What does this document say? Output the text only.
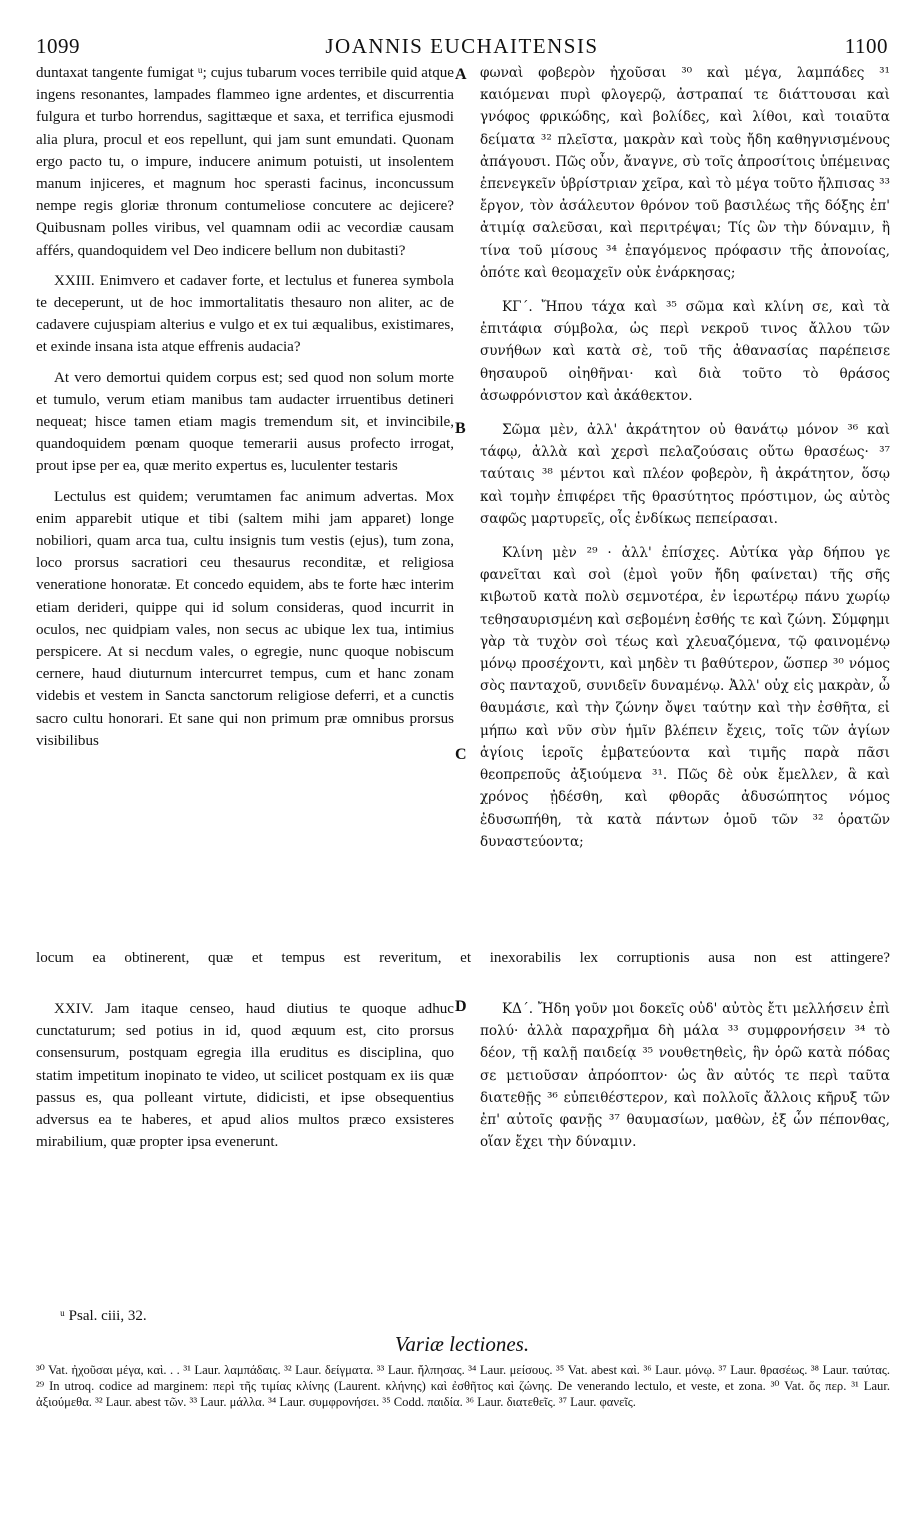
1099	JOANNIS EUCHAITENSIS	1100

duntaxat tangente fumigat ᵘ; cujus tubarum voces terribile quid atque ingens resonantes, lampades flammeo igne ardentes, et discurrentia fulgura et turbo horrendus, sagittæque et saxa, et terrifica ejusmodi alia plura, procul et eos repellunt, qui jam sunt emundati. Quonam ergo pacto tu, o impure, inducere animum potuisti, ut insolentem manum injiceres, et magnum hoc sperasti facinus, inconcussum nempe regis gloriæ thronum contumeliose concutere ac dejicere? Quibusnam polles viribus, vel quamnam odii ac vecordiæ causam afférs, quandoquidem vel Deo indicere bellum non dubitasti?

XXIII. Enimvero et cadaver forte, et lectulus et funerea symbola te deceperunt, ut de hoc immortalitatis thesauro non aliter, ac de cadavere cujuspiam alterius e vulgo et ex tui æqualibus, existimares, et exinde insana ista atque effrenis audacia?

At vero demortui quidem corpus est; sed quod non solum morte et tumulo, verum etiam manibus tam audacter irruentibus detineri nequeat; hisce tamen etiam magis tremendum sit, et invincibile, quandoquidem pœnam quoque temerarii ausus profecto irrogat, prout ipse per ea, quæ merito expertus es, luculenter testaris

Lectulus est quidem; verumtamen fac animum advertas. Mox enim apparebit utique et tibi (saltem mihi jam apparet) longe nobiliori, quam arca tua, cultu insignis tum vestis (ejus), tum zona, loco prorsus sacratiori ceu thesaurus reconditæ, et religiosa veneratione honoratæ. Et concedo equidem, abs te forte hæc interim etiam derideri, quippe qui id solum consideras, quod incurrit in oculos, nec quidpiam vales, non secus ac ubique lex tua, intimius perspicere. At si necdum vales, o egregie, nunc quoque nobiscum cernere, haud diuturnum intercurret tempus, cum et hanc zonam videbis et vestem in Sancta sanctorum religiose deferri, et a cunctis sacro cultu honorari. Et sane qui non primum præ omnibus prorsus visibilibus

φωναὶ φοβερὸν ἠχοῦσαι ³⁰ καὶ μέγα, λαμπάδες ³¹ καιόμεναι πυρὶ φλογερῷ, ἀστραπαί τε διάττουσαι καὶ γνόφος φρικώδης, καὶ βολίδες, καὶ λίθοι, καὶ τοιαῦτα δείματα ³² πλεῖστα, μακρὰν καὶ τοὺς ἤδη καθηγνισμένους ἀπάγουσι. Πῶς οὖν, ἄναγνε, σὺ τοῖς ἀπροσίτοις ὑπέμεινας ἐπενεγκεῖν ὑβρίστριαν χεῖρα, καὶ τὸ μέγα τοῦτο ἤλπισας ³³ ἔργον, τὸν ἀσάλευτον θρόνον τοῦ βασιλέως τῆς δόξης ἐπ' ἀτιμίᾳ σαλεῦσαι, καὶ περιτρέψαι; Τίς ὢν τὴν δύναμιν, ἢ τίνα τοῦ μίσους ³⁴ ἐπαγόμενος πρόφασιν τῆς ἀπονοίας, ὁπότε καὶ θεομαχεῖν οὐκ ἐνάρκησας;

ΚΓ΄. Ἤπου τάχα καὶ ³⁵ σῶμα καὶ κλίνη σε, καὶ τὰ ἐπιτάφια σύμβολα, ὡς περὶ νεκροῦ τινος ἄλλου τῶν συνήθων καὶ κατὰ σὲ, τοῦ τῆς ἀθανασίας παρέπεισε θησαυροῦ οἰηθῆναι· καὶ διὰ τοῦτο τὸ θράσος ἀσωφρόνιστον καὶ ἀκάθεκτον.

Σῶμα μὲν, ἀλλ' ἀκράτητον οὐ θανάτῳ μόνον ³⁶ καὶ τάφῳ, ἀλλὰ καὶ χερσὶ πελαζούσαις οὕτω θρασέως· ³⁷ ταύταις ³⁸ μέντοι καὶ πλέον φοβερὸν, ἢ ἀκράτητον, ὅσῳ καὶ τομὴν ἐπιφέρει τῆς θρασύτητος πρόστιμον, ὡς αὐτὸς σαφῶς μαρτυρεῖς, οἷς ἐνδίκως πεπείρασαι.

Κλίνη μὲν ²⁹ · ἀλλ' ἐπίσχες. Αὐτίκα γὰρ δήπου γε φανεῖται καὶ σοὶ (ἐμοὶ γοῦν ἤδη φαίνεται) τῆς σῆς κιβωτοῦ κατὰ πολὺ σεμνοτέρα, ἐν ἱερωτέρῳ πάνυ χωρίῳ τεθησαυρισμένη καὶ σεβομένη ἐσθής τε καὶ ζώνη. Σύμφημι γὰρ τὰ τυχὸν σοὶ τέως καὶ χλευαζόμενα, τῷ φαινομένῳ μόνῳ προσέχοντι, καὶ μηδὲν τι βαθύτερον, ὥσπερ ³⁰ νόμος σὸς πανταχοῦ, συνιδεῖν δυναμένῳ. Ἀλλ' οὐχ εἰς μακρὰν, ὦ θαυμάσιε, καὶ τὴν ζώνην ὄψει ταύτην καὶ τὴν ἐσθῆτα, εἰ μήπω καὶ νῦν σὺν ἡμῖν βλέπειν ἔχεις, τοῖς τῶν ἁγίων ἁγίοις ἱεροῖς ἐμβατεύοντα καὶ τιμῆς παρὰ πᾶσι θεοπρεποῦς ἀξιούμενα ³¹. Πῶς δὲ οὐκ ἔμελλεν, ἃ καὶ χρόνος ᾐδέσθη, καὶ φθορᾶς ἀδυσώπητος νόμος ἐδυσωπήθη, τὰ κατὰ πάντων ὁμοῦ τῶν ³² ὁρατῶν δυναστεύοντα;

locum ea obtinerent, quæ et tempus est reveritum, et inexorabilis lex corruptionis ausa non est attingere?

XXIV. Jam itaque censeo, haud diutius te quoque adhuc cunctaturum; sed potius in id, quod æquum est, cito prorsus consensurum, postquam egregia illa eruditus es disciplina, quo statim impetitum inopinato te video, ut scilicet postquam ex iis quæ passus es, qua polleant virtute, didicisti, et ipse obsequentius adversus ea te haberes, et apud alios multos præco exsisteres mirabilium, quæ propter ipsa evenerunt.

ΚΔ΄. Ἤδη γοῦν μοι δοκεῖς οὐδ' αὐτὸς ἔτι μελλήσειν ἐπὶ πολύ· ἀλλὰ παραχρῆμα δὴ μάλα ³³ συμφρονήσειν ³⁴ τὸ δέον, τῇ καλῇ παιδείᾳ ³⁵ νουθετηθεὶς, ἣν ὁρῶ κατὰ πόδας σε μετιοῦσαν ἀπρόοπτον· ὡς ἂν αὐτός τε περὶ ταῦτα διατεθῇς ³⁶ εὐπειθέστερον, καὶ πολλοῖς ἄλλοις κῆρυξ τῶν ἐπ' αὐτοῖς φανῇς ³⁷ θαυμασίων, μαθὼν, ἐξ ὧν πέπονθας, οἵαν ἔχει τὴν δύναμιν.

A
B
C
D
ᵘ Psal. ciii, 32.
Variæ lectiones.
³⁰ Vat. ἠχοῦσαι μέγα, καὶ. . . ³¹ Laur. λαμπάδαις. ³² Laur. δείγματα. ³³ Laur. ἤλπησας. ³⁴ Laur. μείσους. ³⁵ Vat. abest καὶ. ³⁶ Laur. μόνῳ. ³⁷ Laur. θρασέως. ³⁸ Laur. ταύτας. ²⁹ In utroq. codice ad marginem: περὶ τῆς τιμίας κλίνης (Laurent. κλήνης) καὶ ἐσθῆτος καὶ ζώνης. De venerando lectulo, et veste, et zona. ³⁰ Vat. ὅς περ. ³¹ Laur. ἀξιούμεθα. ³² Laur. abest τῶν. ³³ Laur. μάλλα. ³⁴ Laur. συμφρονήσει. ³⁵ Codd. παιδία. ³⁶ Laur. διατεθεῖς. ³⁷ Laur. φανεῖς.
